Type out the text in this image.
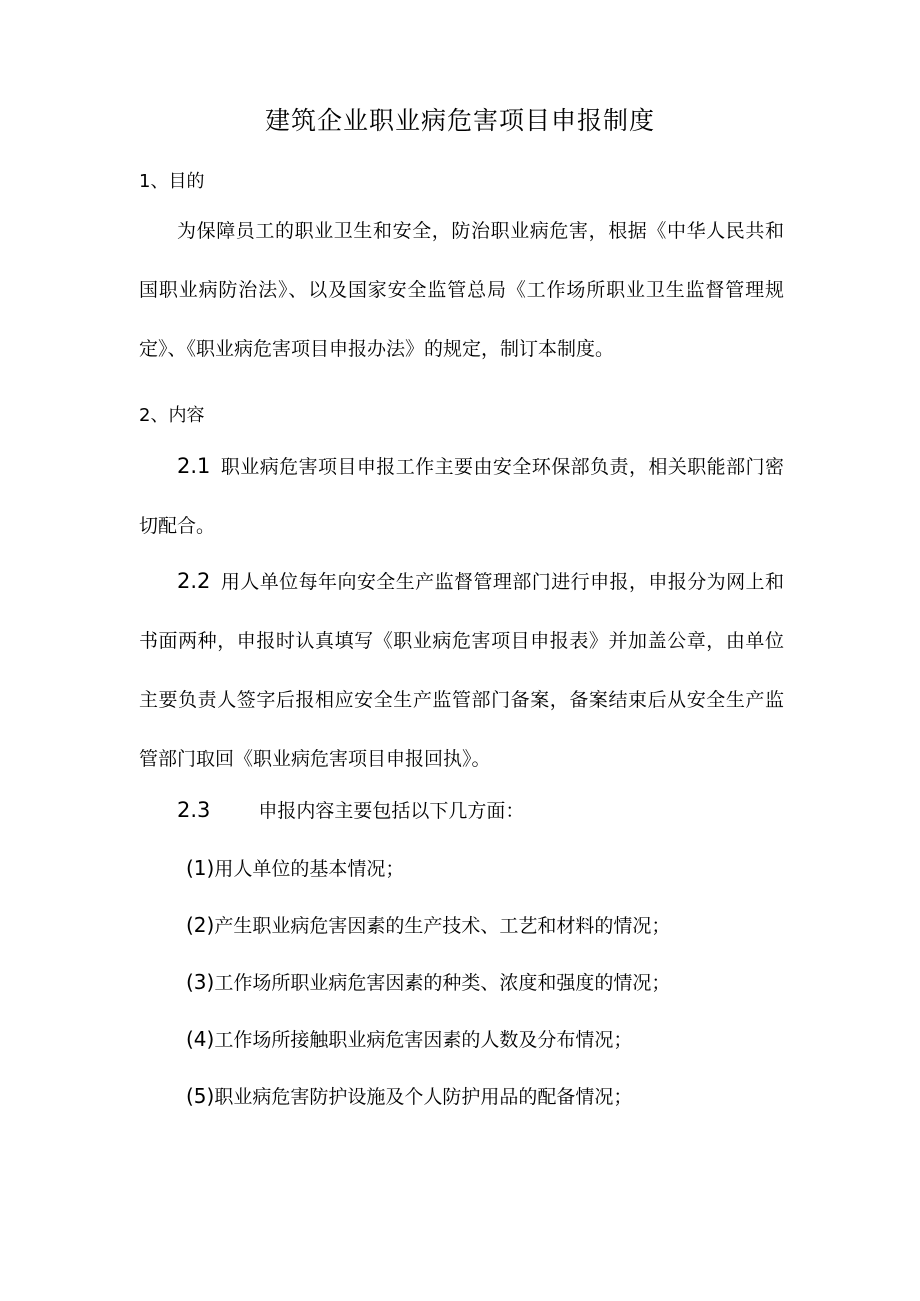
建筑企业职业病危害项目申报制度
1、目的

为保障员工的职业卫生和安全，防治职业病危害，根据《中华人民共和国职业病防治法》、以及国家安全监管总局《工作场所职业卫生监督管理规定》、《职业病危害项目申报办法》的规定，制订本制度。

2、内容

2.1 职业病危害项目申报工作主要由安全环保部负责，相关职能部门密切配合。

2.2 用人单位每年向安全生产监督管理部门进行申报，申报分为网上和书面两种，申报时认真填写《职业病危害项目申报表》并加盖公章，由单位主要负责人签字后报相应安全生产监管部门备案，备案结束后从安全生产监管部门取回《职业病危害项目申报回执》。

2.3	申报内容主要包括以下几方面：

(1)用人单位的基本情况；

(2)产生职业病危害因素的生产技术、工艺和材料的情况；

(3)工作场所职业病危害因素的种类、浓度和强度的情况；

(4)工作场所接触职业病危害因素的人数及分布情况；

(5)职业病危害防护设施及个人防护用品的配备情况；
